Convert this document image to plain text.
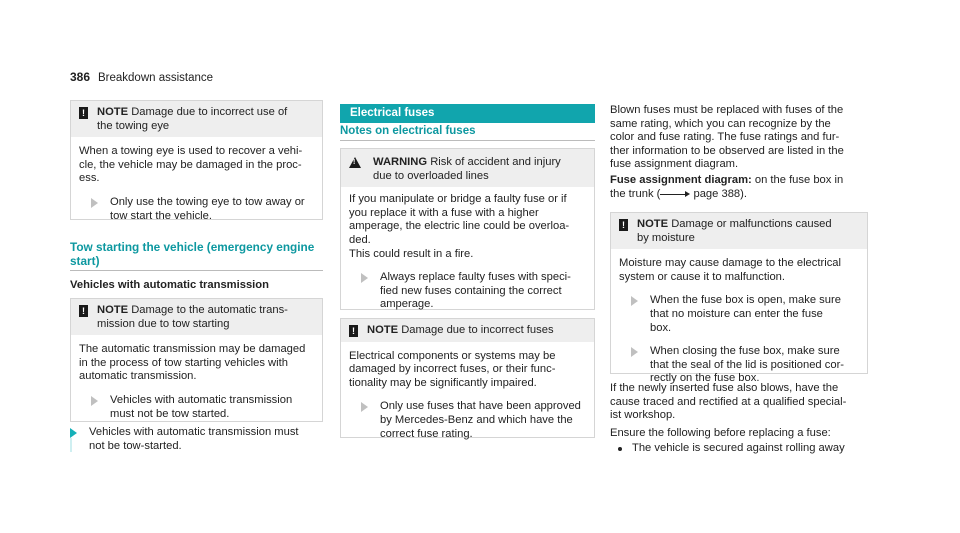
386 Breakdown assistance
! NOTE Damage due to incorrect use of
the towing eye
When a towing eye is used to recover a vehi-
cle, the vehicle may be damaged in the proc-
ess.
Only use the towing eye to tow away or
tow start the vehicle.
Tow starting the vehicle (emergency engine
start)
Vehicles with automatic transmission
! NOTE Damage to the automatic trans-
mission due to tow starting
The automatic transmission may be damaged
in the process of tow starting vehicles with
automatic transmission.
Vehicles with automatic transmission
must not be tow started.
Vehicles with automatic transmission must
not be tow-started.
Electrical fuses
Notes on electrical fuses
! WARNING Risk of accident and injury
due to overloaded lines
If you manipulate or bridge a faulty fuse or if
you replace it with a fuse with a higher
amperage, the electric line could be overloa-
ded.
This could result in a fire.
Always replace faulty fuses with speci-
fied new fuses containing the correct
amperage.
! NOTE Damage due to incorrect fuses
Electrical components or systems may be
damaged by incorrect fuses, or their func-
tionality may be significantly impaired.
Only use fuses that have been approved
by Mercedes-Benz and which have the
correct fuse rating.
Blown fuses must be replaced with fuses of the
same rating, which you can recognize by the
color and fuse rating. The fuse ratings and fur-
ther information to be observed are listed in the
fuse assignment diagram.
Fuse assignment diagram: on the fuse box in
the trunk (	page 388).
! NOTE Damage or malfunctions caused
by moisture
Moisture may cause damage to the electrical
system or cause it to malfunction.
When the fuse box is open, make sure
that no moisture can enter the fuse
box.
When closing the fuse box, make sure
that the seal of the lid is positioned cor-
rectly on the fuse box.
If the newly inserted fuse also blows, have the
cause traced and rectified at a qualified special-
ist workshop.
Ensure the following before replacing a fuse:
The vehicle is secured against rolling away
